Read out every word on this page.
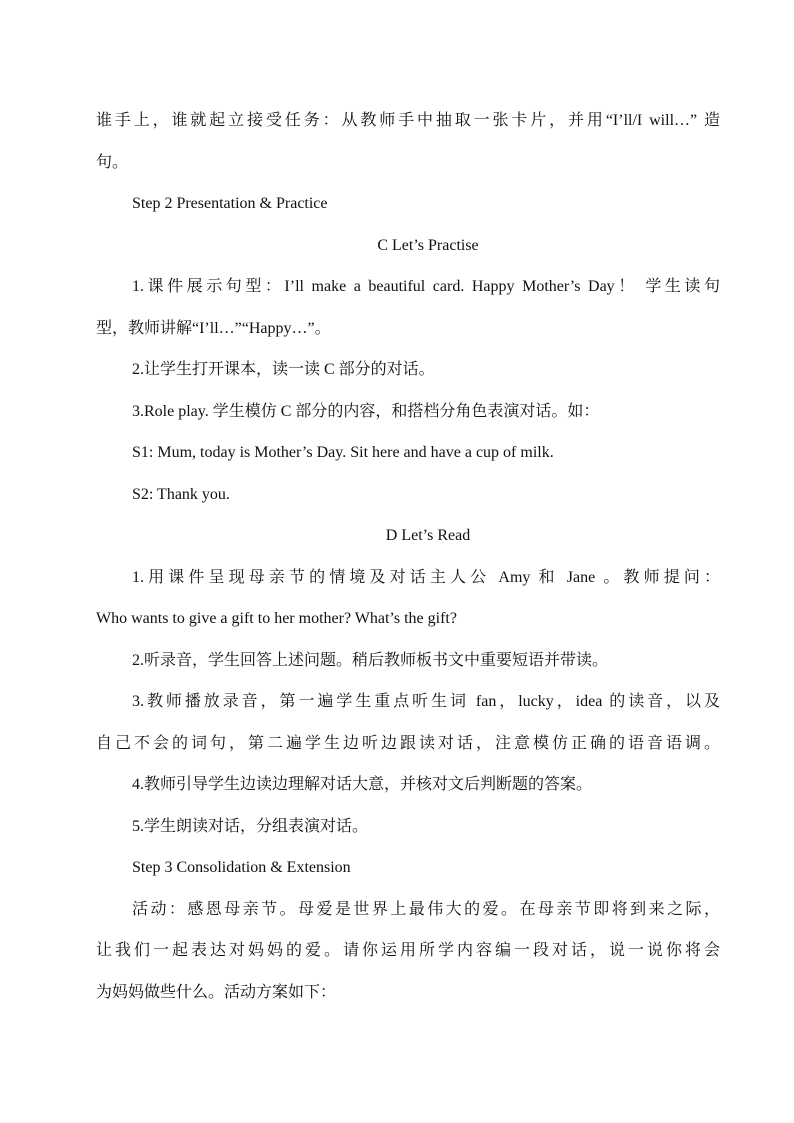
谁手上，谁就起立接受任务：从教师手中抽取一张卡片，并用“I’ll/I will…” 造
句。
Step 2 Presentation & Practice
C Let’s Practise
1.课件展示句型：I’ll make a beautiful card. Happy Mother’s Day！ 学生读句
型，教师讲解“I’ll…”“Happy…”。
2.让学生打开课本，读一读 C 部分的对话。
3.Role play. 学生模仿 C 部分的内容，和搭档分角色表演对话。如：
S1: Mum, today is Mother’s Day. Sit here and have a cup of milk.
S2: Thank you.
D Let’s Read
1.用课件呈现母亲节的情境及对话主人公 Amy 和 Jane 。教师提问：
Who wants to give a gift to her mother? What’s the gift?
2.听录音，学生回答上述问题。稍后教师板书文中重要短语并带读。
3.教师播放录音，第一遍学生重点听生词 fan，lucky，idea 的读音，以及
自己不会的词句，第二遍学生边听边跟读对话，注意模仿正确的语音语调。
4.教师引导学生边读边理解对话大意，并核对文后判断题的答案。
5.学生朗读对话，分组表演对话。
Step 3 Consolidation & Extension
活动：感恩母亲节。母爱是世界上最伟大的爱。在母亲节即将到来之际，
让我们一起表达对妈妈的爱。请你运用所学内容编一段对话，说一说你将会
为妈妈做些什么。活动方案如下：
